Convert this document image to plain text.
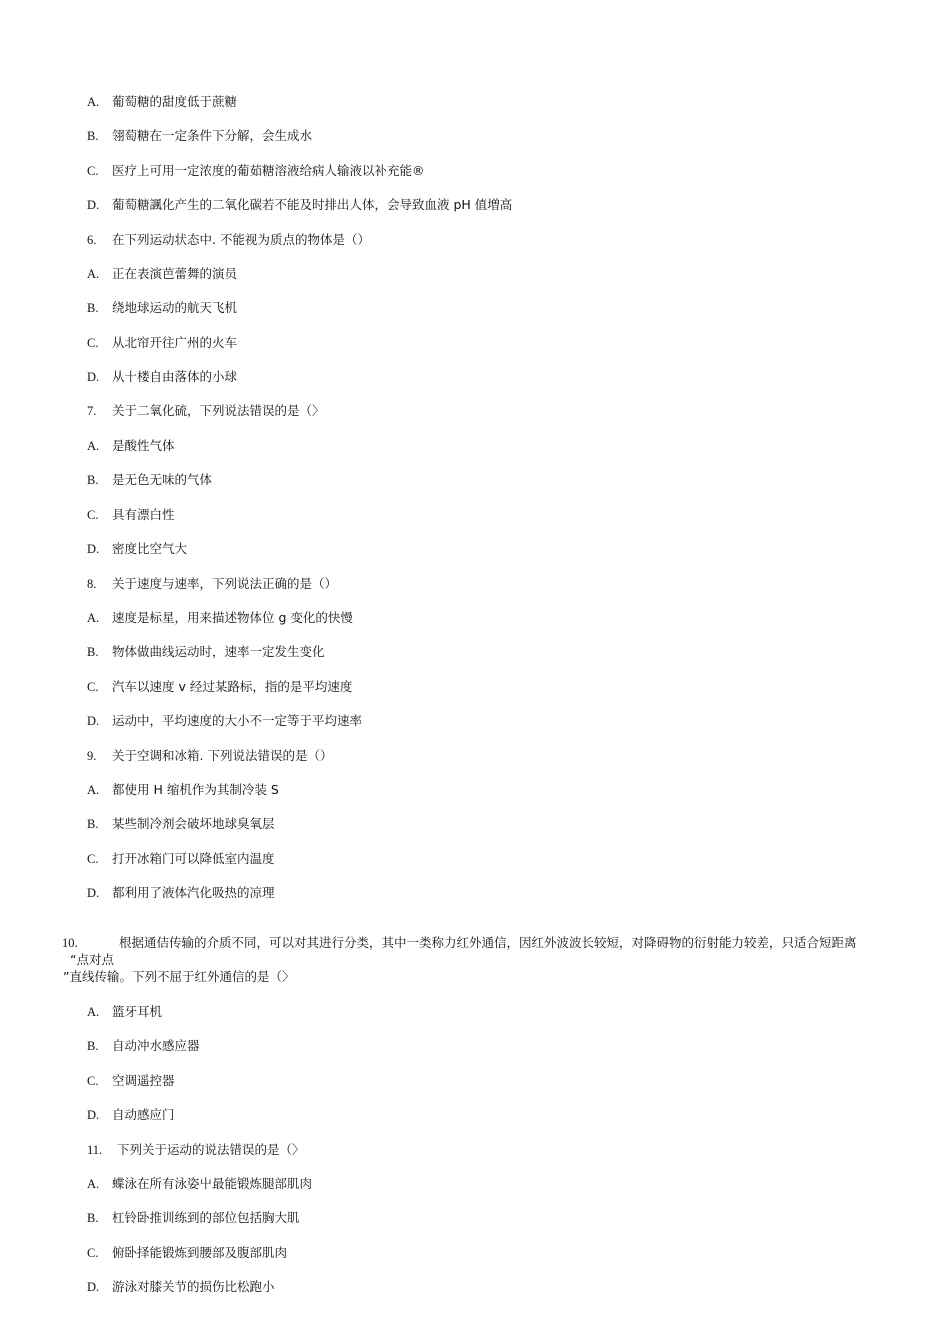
A. 葡萄糖的甜度低于蔗糖
B. 翎萄糖在一定条件下分解，会生成水
C. 医疗上可用一定浓度的葡茹糖溶液给病人输液以补充能®
D. 葡萄糖諷化产生的二氧化碳若不能及时排出人体，会导致血液 pH 值増高
6. 在下列运动状态中. 不能视为质点的物体是（）
A. 正在表演芭蕾舞的演员
B. 绕地球运动的航天飞机
C. 从北帘开往广州的火车
D. 从十楼自由落体的小球
7. 关于二氧化硫，下列说法错误的是（〉
A. 是酸性气体
B. 是无色无味的气体
C. 具有漂白性
D. 密度比空气大
8. 关于速度与速率，下列说法正确的是（）
A. 速度是标星，用来描述物体位 g 变化的快慢
B. 物体做曲线运动时，速率一定发生变化
C. 汽车以速度 v 经过某路标，指的是平均速度
D. 运动中，平均速度的大小不一定等于平均速率
9. 关于空调和冰箱. 下列说法错误的是（）
A. 都使用 H 缩机作为其制冷装 S
B. 某些制冷剂会破坏地球臭氧层
C. 打开冰箱门可以降低室内温度
D. 都利用了液体汽化吸热的凉理
10.	根据通佶传输的介质不同，可以对其进行分类，其中一类称力红外通信，因红外波波长较短，对降碍物的衍射能力较差，只适合短距离
“点对点
”直线传输。下列不屈于红外通信的是（〉
A. 篮牙耳机
B. 自动冲水感应器
C. 空调遥控器
D. 自动感应门
11. 下列关于运动的说法错误的是（〉
A. 蝶泳在所有泳姿屮最能锻炼腿部肌肉
B. 杠铃卧推训练到的部位包括胸大肌
C. 俯卧择能锻炼到腰部及腹部肌肉
D. 游泳对膝关节的损伤比松跑小
